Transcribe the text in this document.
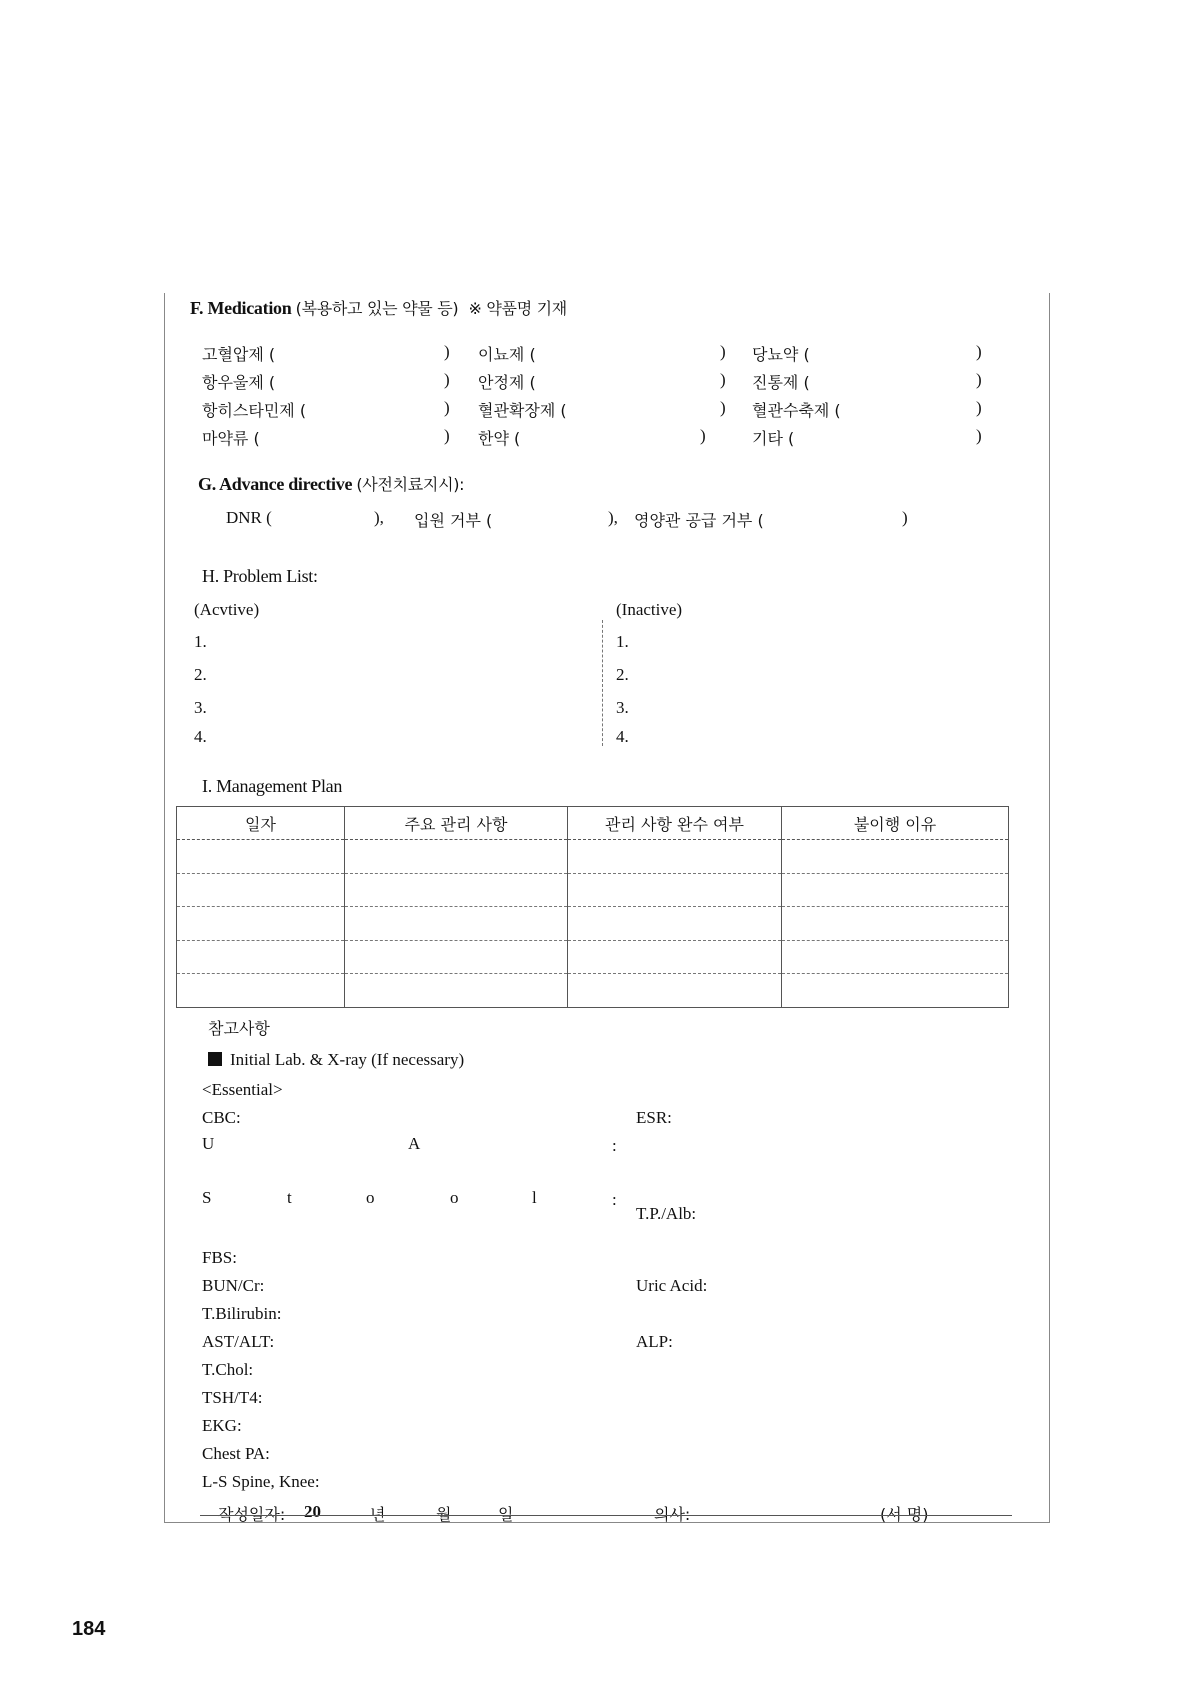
F. Medication (복용하고 있는 약물 등) ※ 약품명 기재
고혈압제 (	) 이뇨제 (	) 당뇨약 (	)
항우울제 (	) 안정제 (	) 진통제 (	)
항히스타민제 (	) 혈관확장제 (	) 혈관수축제 (	)
마약류 (	) 한약 (	)	기타 (	)
G. Advance directive (사전치료지시):
DNR (	), 입원 거부 (	), 영양관 공급 거부 (	)
H. Problem List:
(Acvtive)	(Inactive)
1.
2.
3.
4.
1.
2.
3.
4.
I. Management Plan
일자	주요 관리 사항	관리 사항 완수 여부	불이행 이유

참고사항
Initial Lab. & X-ray (If necessary)
<Essential>
CBC:	ESR:
U	A	:
S	t	o	o	l	:
T.P./Alb:
FBS:
BUN/Cr:	Uric Acid:
T.Bilirubin:
AST/ALT:	ALP:
T.Chol:
TSH/T4:
EKG:
Chest PA:
L-S Spine, Knee:
작성일자: 20	년	월	일	의사:	(서 명)
184
